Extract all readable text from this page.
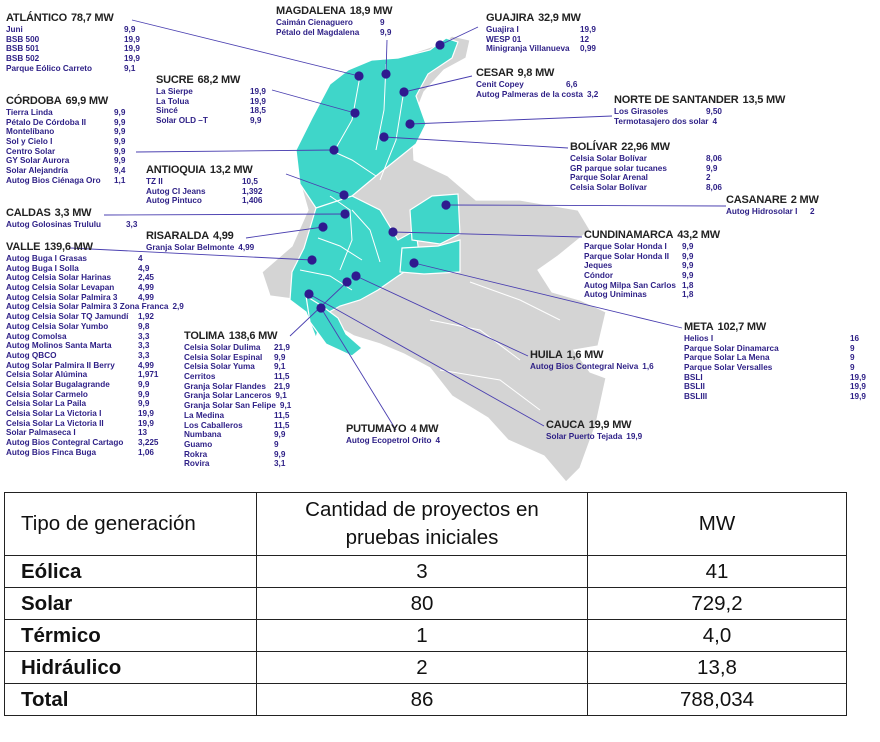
ATLÁNTICO 78,7 MW
Juni	9,9
BSB 500	19,9
BSB 501	19,9
BSB 502	19,9
Parque Eólico Carreto	9,1
MAGDALENA 18,9 MW
Caimán Cienaguero	9
Pétalo del Magdalena	9,9
GUAJIRA 32,9 MW
Guajira I	19,9
WESP 01	12
Minigranja Villanueva 0,99
SUCRE 68,2 MW
La Sierpe	19,9
La Tolua	19,9
Sincé	18,5
Solar OLD –T	9,9
CESAR 9,8 MW
Cenit Copey	6,6
Autog Palmeras de la costa 3,2
CÓRDOBA 69,9 MW
Tierra Linda	9,9
Pétalo De Córdoba II	9,9
Montelíbano	9,9
Sol y Cielo I	9,9
Centro Solar	9,9
GY Solar Aurora	9,9
Solar Alejandría	9,4
Autog Bios Ciénaga Oro 1,1
NORTE DE SANTANDER 13,5 MW
Los Girasoles	9,50
Termotasajero dos solar 4
BOLÍVAR 22,96 MW
Celsia Solar Bolívar	8,06
GR parque solar tucanes	9,9
Parque Solar Arenal	2
Celsia Solar Bolívar	8,06
ANTIOQUIA 13,2 MW
TZ II	10,5
Autog CI Jeans	1,392
Autog Pintuco	1,406
CALDAS 3,3 MW
Autog Golosinas Trululu	3,3
CASANARE 2 MW
Autog Hidrosolar I 2
RISARALDA 4,99
Granja Solar Belmonte 4,99
CUNDINAMARCA 43,2 MW
Parque Solar Honda I 9,9
Parque Solar Honda II 9,9
Jeques	9,9
Cóndor	9,9
Autog Milpa San Carlos 1,8
Autog Uniminas	1,8
VALLE 139,6 MW
Autog Buga I Grasas	4
Autog Buga I Solla	4,9
Autog Celsia Solar Harinas	2,45
Autog Celsia Solar Levapan	4,99
Autog Celsia Solar Palmira 3	4,99
Autog Celsia Solar Palmira 3 Zona Franca 2,9
Autog Celsia Solar TQ Jamundí 1,92
Autog Celsia Solar Yumbo	9,8
Autog Comolsa	3,3
Autog Molinos Santa Marta	3,3
Autog QBCO	3,3
Autog Solar Palmira II Berry	4,99
Celsia Solar Alúmina	1,971
Celsia Solar Bugalagrande	9,9
Celsia Solar Carmelo	9,9
Celsia Solar La Paila	9,9
Celsia Solar La Victoria I	19,9
Celsia Solar La Victoria II	19,9
Solar Palmaseca I	13
Autog Bios Contegral Cartago 3,225
Autog Bios Finca Buga	1,06
META 102,7 MW
Helios I	16
Parque Solar Dinamarca	9
Parque Solar La Mena	9
Parque Solar Versalles	9
BSLI	19,9
BSLII	19,9
BSLIII	19,9
TOLIMA 138,6 MW
Celsia Solar Dulima 21,9
Celsia Solar Espinal 9,9
Celsia Solar Yuma 9,1
Cerritos	11,5
Granja Solar Flandes 21,9
Granja Solar Lanceros 9,1
Granja Solar San Felipe 9,1
La Medina	11,5
Los Caballeros	11,5
Numbana	9,9
Guamo	9
Rokra	9,9
Rovira	3,1
HUILA 1,6 MW
Autog Bios Contegral Neiva 1,6
PUTUMAYO 4 MW
Autog Ecopetrol Orito 4
CAUCA 19,9 MW
Solar Puerto Tejada 19,9
Tipo de generación	Cantidad de proyectos en pruebas iniciales	MW
Eólica	3	41
Solar	80	729,2
Térmico	1	4,0
Hidráulico	2	13,8
Total	86	788,034
